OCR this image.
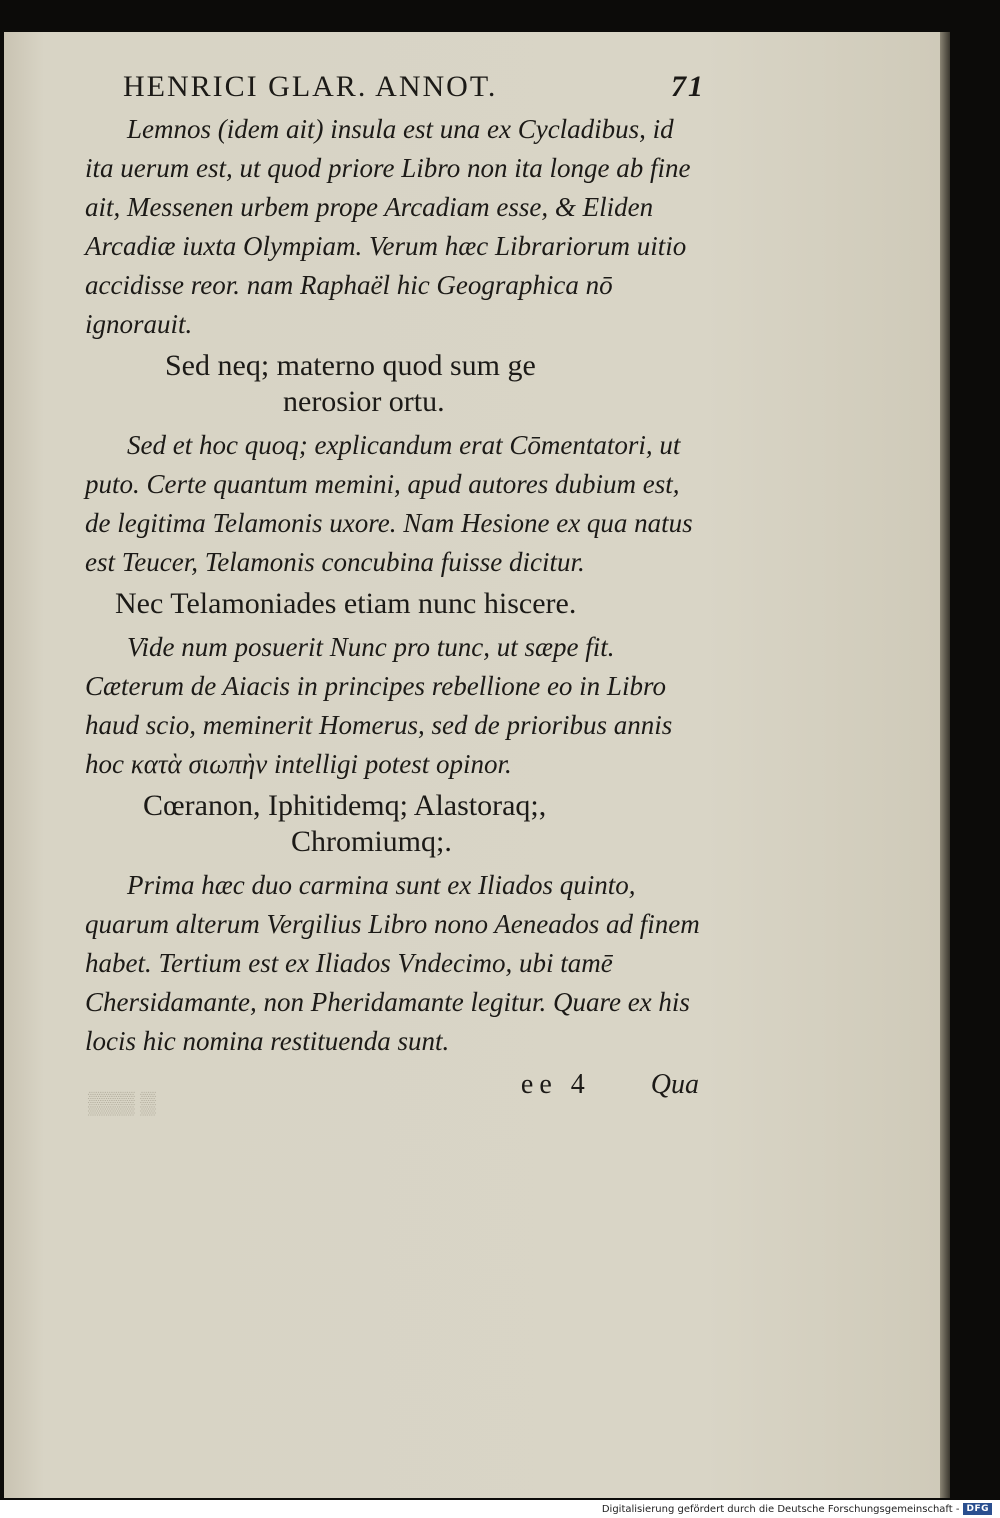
HENRICI GLAR. ANNOT.	71

Lemnos (idem ait) insula est una ex Cycladibus, id ita uerum est, ut quod priore Libro non ita longe ab fine ait, Messenen urbem prope Arcadiam esse, & Eliden Arcadiæ iuxta Olympiam. Verum hæc Librariorum uitio accidisse reor. nam Raphaël hic Geographica nō ignorauit.

Sed neq; materno quod sum ge
nerosior ortu.

Sed et hoc quoq; explicandum erat Cōmentatori, ut puto. Certe quantum memini, apud autores dubium est, de legitima Telamonis uxore. Nam Hesione ex qua natus est Teucer, Telamonis concubina fuisse dicitur.

Nec Telamoniades etiam nunc hiscere.

Vide num posuerit Nunc pro tunc, ut sæpe fit. Cæterum de Aiacis in principes rebellione eo in Libro haud scio, meminerit Homerus, sed de prioribus annis hoc κατὰ σιωπὴν intelligi potest opinor.

Cœranon, Iphitidemq; Alastoraq;,
Chromiumq;.

Prima hæc duo carmina sunt ex Iliados quinto, quarum alterum Vergilius Libro nono Aeneados ad finem habet. Tertium est ex Iliados Vndecimo, ubi tamē Chersidamante, non Pheridamante legitur. Quare ex his locis hic nomina restituenda sunt.

ee 4 Qua
▒▒▒ ▒
Digitalisierung gefördert durch die Deutsche Forschungsgemeinschaft - DFG
